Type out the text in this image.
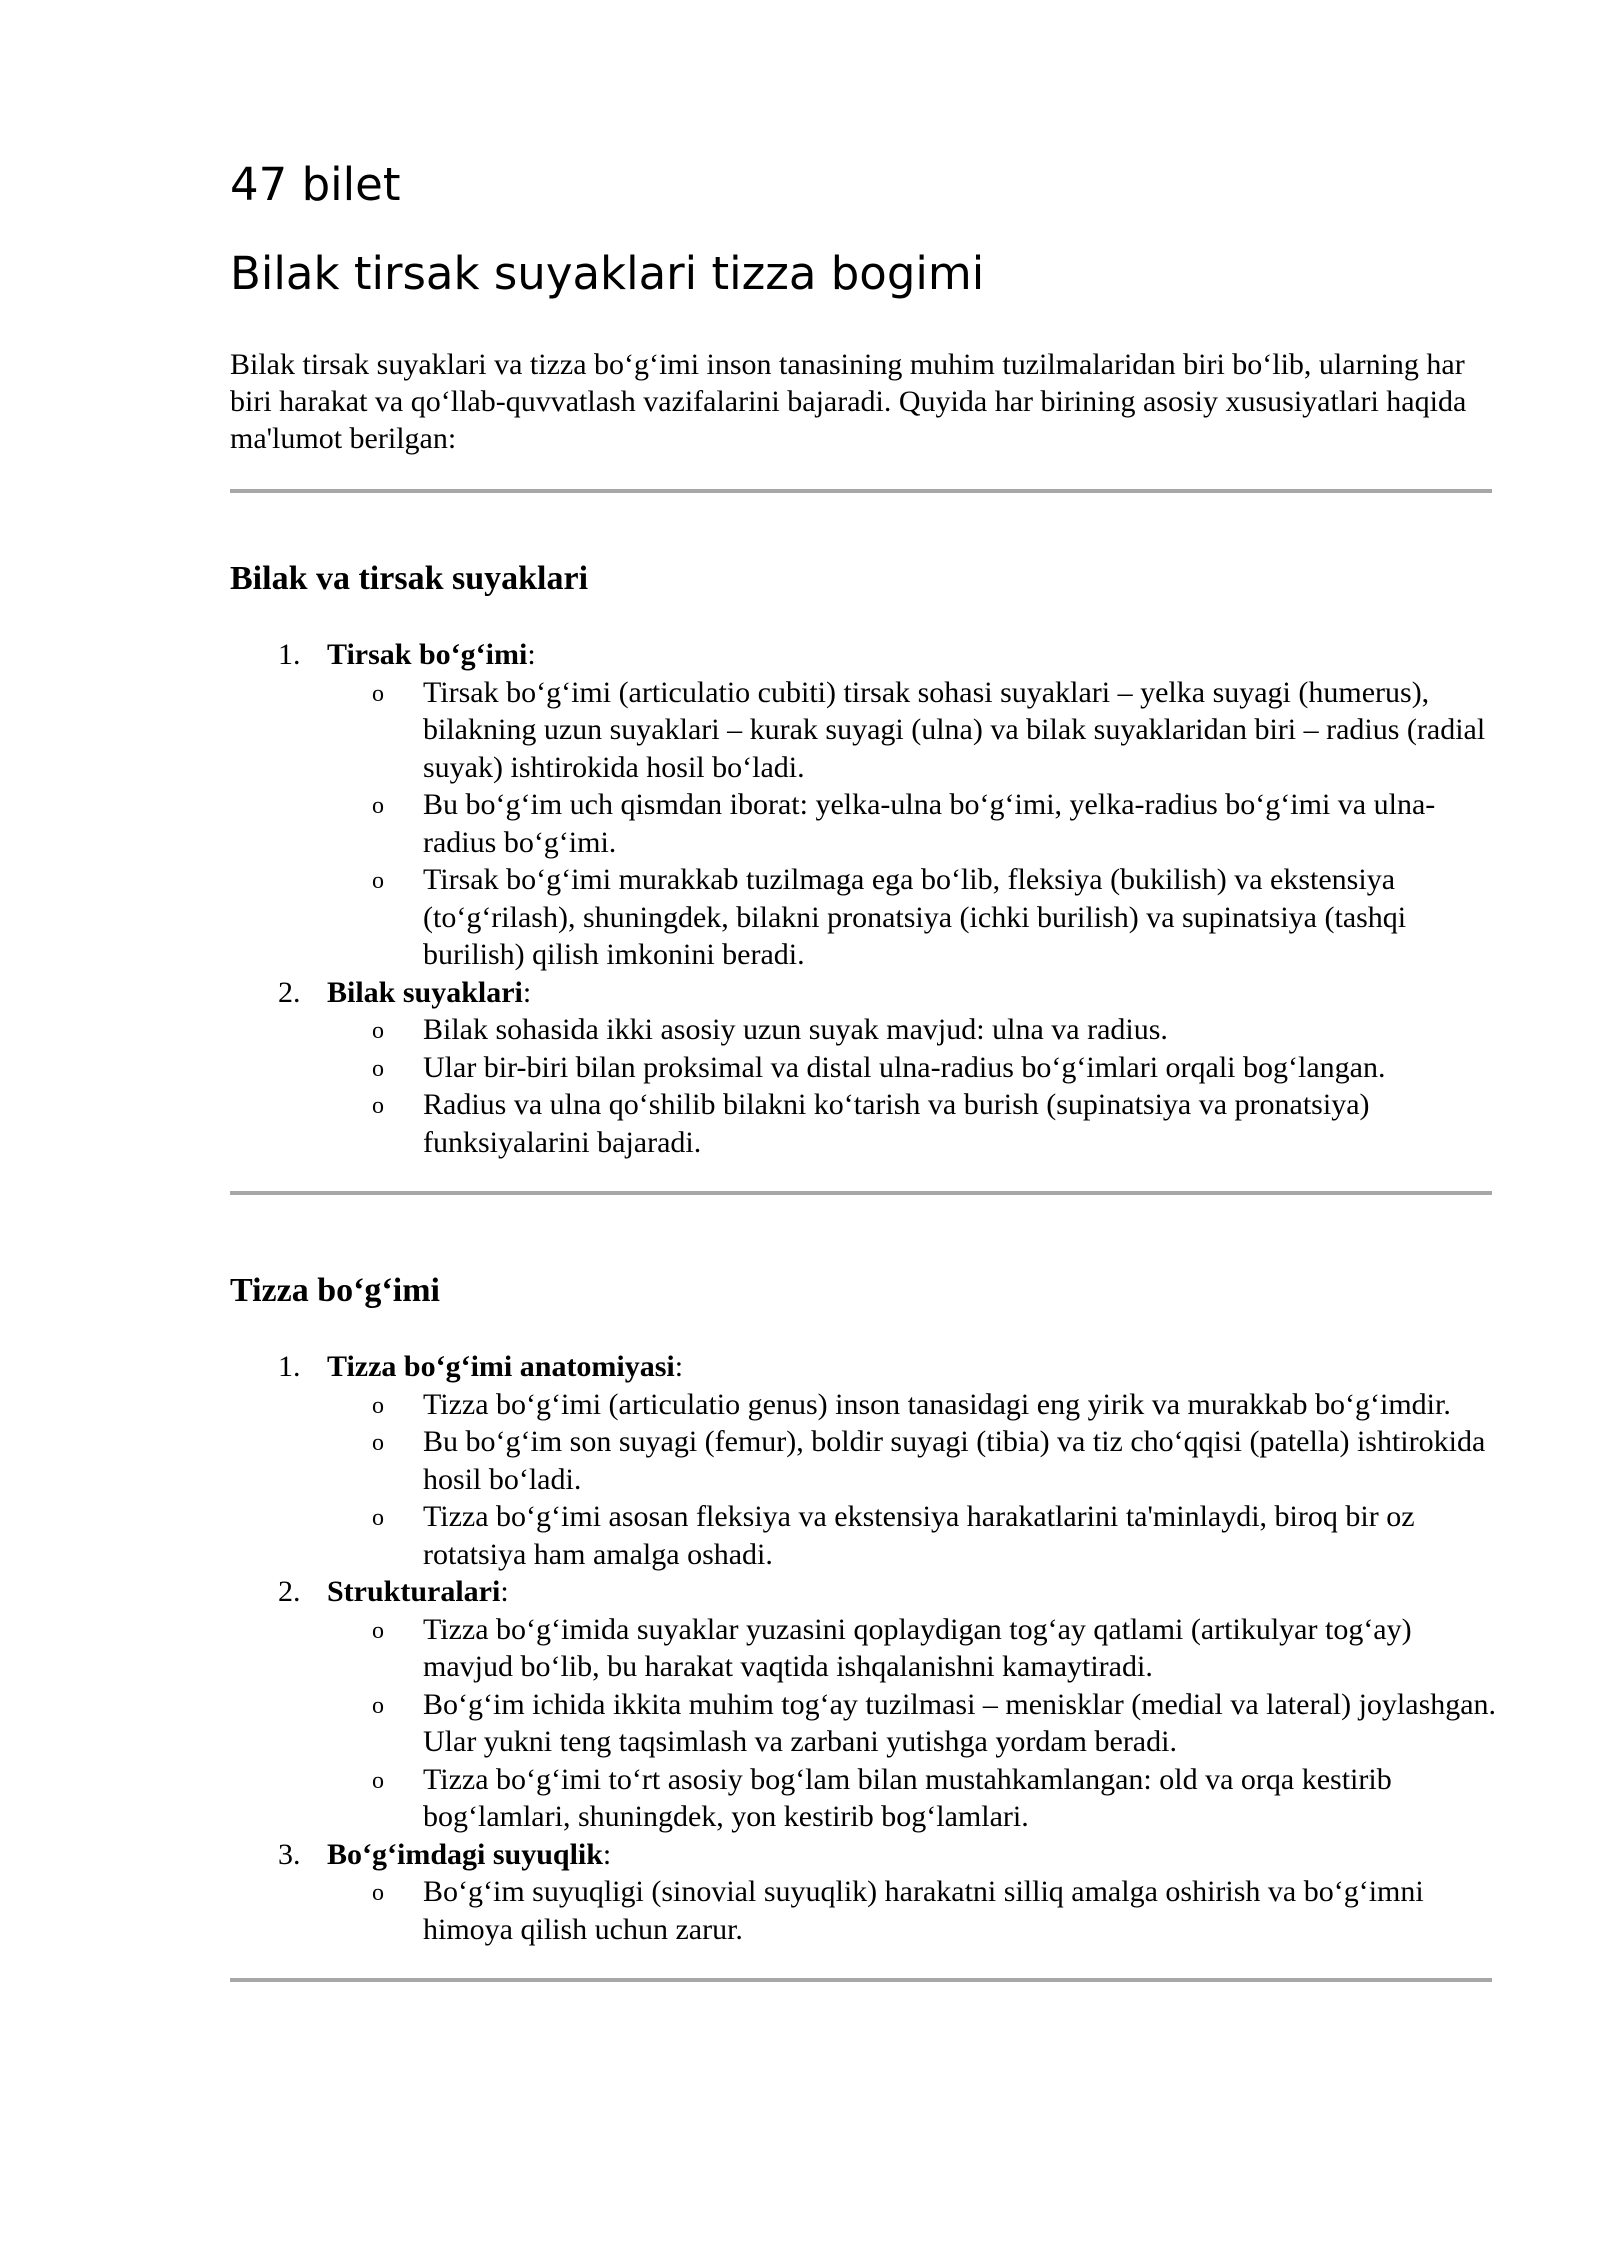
47 bilet
Bilak tirsak suyaklari tizza bogimi

Bilak tirsak suyaklari va tizza bo‘g‘imi inson tanasining muhim tuzilmalaridan biri bo‘lib, ularning har biri harakat va qo‘llab-quvvatlash vazifalarini bajaradi. Quyida har birining asosiy xususiyatlari haqida ma'lumot berilgan:

Bilak va tirsak suyaklari
1. Tirsak bo‘g‘imi:
o Tirsak bo‘g‘imi (articulatio cubiti) tirsak sohasi suyaklari – yelka suyagi (humerus), bilakning uzun suyaklari – kurak suyagi (ulna) va bilak suyaklaridan biri – radius (radial suyak) ishtirokida hosil bo‘ladi.
o Bu bo‘g‘im uch qismdan iborat: yelka-ulna bo‘g‘imi, yelka-radius bo‘g‘imi va ulna-radius bo‘g‘imi.
o Tirsak bo‘g‘imi murakkab tuzilmaga ega bo‘lib, fleksiya (bukilish) va ekstensiya (to‘g‘rilash), shuningdek, bilakni pronatsiya (ichki burilish) va supinatsiya (tashqi burilish) qilish imkonini beradi.
2. Bilak suyaklari:
o Bilak sohasida ikki asosiy uzun suyak mavjud: ulna va radius.
o Ular bir-biri bilan proksimal va distal ulna-radius bo‘g‘imlari orqali bog‘langan.
o Radius va ulna qo‘shilib bilakni ko‘tarish va burish (supinatsiya va pronatsiya) funksiyalarini bajaradi.
Tizza bo‘g‘imi
1. Tizza bo‘g‘imi anatomiyasi:
o Tizza bo‘g‘imi (articulatio genus) inson tanasidagi eng yirik va murakkab bo‘g‘imdir.
o Bu bo‘g‘im son suyagi (femur), boldir suyagi (tibia) va tiz cho‘qqisi (patella) ishtirokida hosil bo‘ladi.
o Tizza bo‘g‘imi asosan fleksiya va ekstensiya harakatlarini ta'minlaydi, biroq bir oz rotatsiya ham amalga oshadi.
2. Strukturalari:
o Tizza bo‘g‘imida suyaklar yuzasini qoplaydigan tog‘ay qatlami (artikulyar tog‘ay) mavjud bo‘lib, bu harakat vaqtida ishqalanishni kamaytiradi.
o Bo‘g‘im ichida ikkita muhim tog‘ay tuzilmasi – menisklar (medial va lateral) joylashgan. Ular yukni teng taqsimlash va zarbani yutishga yordam beradi.
o Tizza bo‘g‘imi to‘rt asosiy bog‘lam bilan mustahkamlangan: old va orqa kestirib bog‘lamlari, shuningdek, yon kestirib bog‘lamlari.
3. Bo‘g‘imdagi suyuqlik:
o Bo‘g‘im suyuqligi (sinovial suyuqlik) harakatni silliq amalga oshirish va bo‘g‘imni himoya qilish uchun zarur.
